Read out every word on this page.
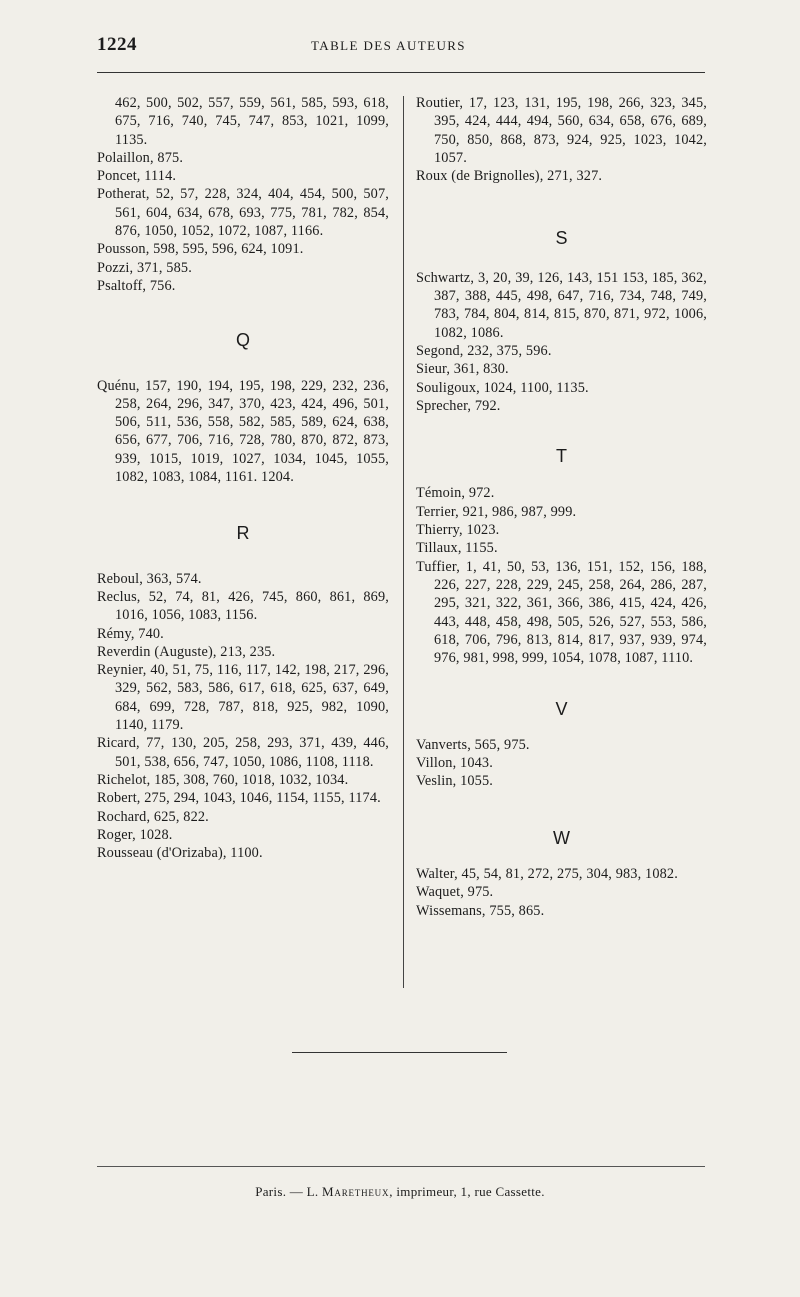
1224	TABLE DES AUTEURS

462, 500, 502, 557, 559, 561, 585, 593, 618, 675, 716, 740, 745, 747, 853, 1021, 1099, 1135.

Polaillon, 875.

Poncet, 1114.

Potherat, 52, 57, 228, 324, 404, 454, 500, 507, 561, 604, 634, 678, 693, 775, 781, 782, 854, 876, 1050, 1052, 1072, 1087, 1166.

Pousson, 598, 595, 596, 624, 1091.

Pozzi, 371, 585.

Psaltoff, 756.

Q

Quénu, 157, 190, 194, 195, 198, 229, 232, 236, 258, 264, 296, 347, 370, 423, 424, 496, 501, 506, 511, 536, 558, 582, 585, 589, 624, 638, 656, 677, 706, 716, 728, 780, 870, 872, 873, 939, 1015, 1019, 1027, 1034, 1045, 1055, 1082, 1083, 1084, 1161. 1204.

R

Reboul, 363, 574.

Reclus, 52, 74, 81, 426, 745, 860, 861, 869, 1016, 1056, 1083, 1156.

Rémy, 740.

Reverdin (Auguste), 213, 235.

Reynier, 40, 51, 75, 116, 117, 142, 198, 217, 296, 329, 562, 583, 586, 617, 618, 625, 637, 649, 684, 699, 728, 787, 818, 925, 982, 1090, 1140, 1179.

Ricard, 77, 130, 205, 258, 293, 371, 439, 446, 501, 538, 656, 747, 1050, 1086, 1108, 1118.

Richelot, 185, 308, 760, 1018, 1032, 1034.

Robert, 275, 294, 1043, 1046, 1154, 1155, 1174.

Rochard, 625, 822.

Roger, 1028.

Rousseau (d'Orizaba), 1100.

Routier, 17, 123, 131, 195, 198, 266, 323, 345, 395, 424, 444, 494, 560, 634, 658, 676, 689, 750, 850, 868, 873, 924, 925, 1023, 1042, 1057.

Roux (de Brignolles), 271, 327.

S

Schwartz, 3, 20, 39, 126, 143, 151 153, 185, 362, 387, 388, 445, 498, 647, 716, 734, 748, 749, 783, 784, 804, 814, 815, 870, 871, 972, 1006, 1082, 1086.

Segond, 232, 375, 596.

Sieur, 361, 830.

Souligoux, 1024, 1100, 1135.

Sprecher, 792.

T

Témoin, 972.

Terrier, 921, 986, 987, 999.

Thierry, 1023.

Tillaux, 1155.

Tuffier, 1, 41, 50, 53, 136, 151, 152, 156, 188, 226, 227, 228, 229, 245, 258, 264, 286, 287, 295, 321, 322, 361, 366, 386, 415, 424, 426, 443, 448, 458, 498, 505, 526, 527, 553, 586, 618, 706, 796, 813, 814, 817, 937, 939, 974, 976, 981, 998, 999, 1054, 1078, 1087, 1110.

V

Vanverts, 565, 975.

Villon, 1043.

Veslin, 1055.

W

Walter, 45, 54, 81, 272, 275, 304, 983, 1082.

Waquet, 975.

Wissemans, 755, 865.

Paris. — L. Maretheux, imprimeur, 1, rue Cassette.
